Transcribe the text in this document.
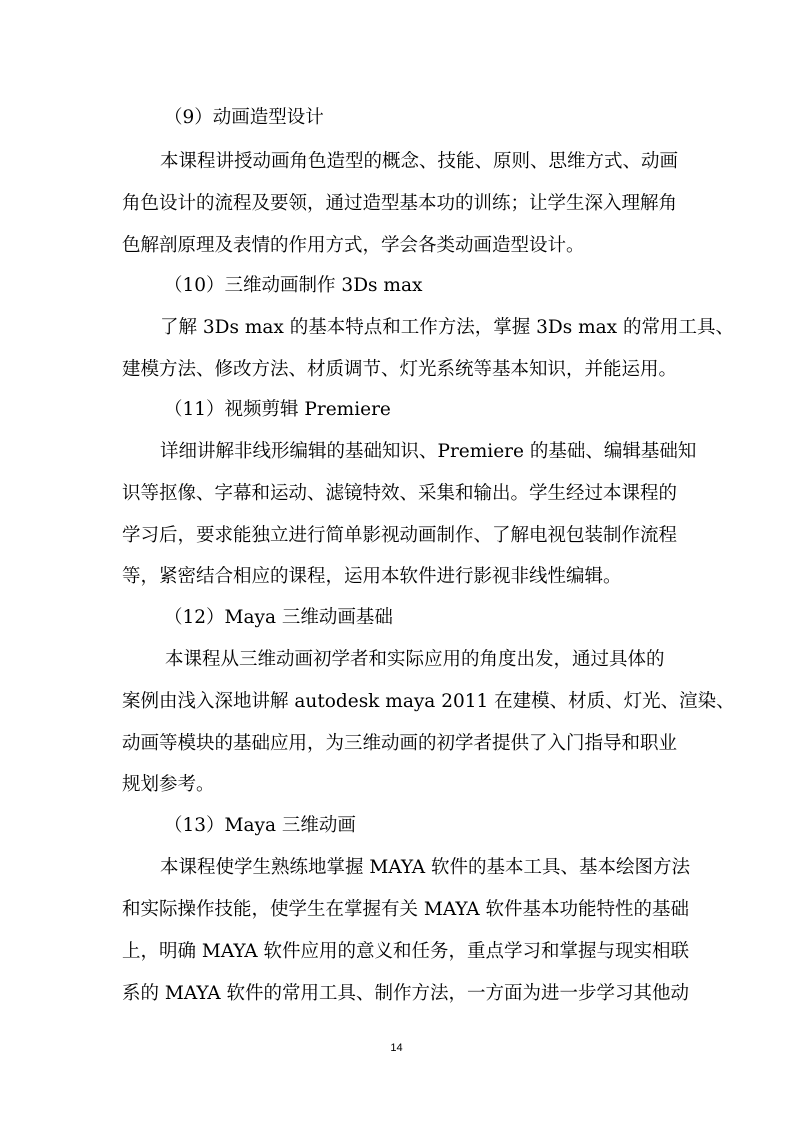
（9）动画造型设计
本课程讲授动画角色造型的概念、技能、原则、思维方式、动画
角色设计的流程及要领，通过造型基本功的训练；让学生深入理解角
色解剖原理及表情的作用方式，学会各类动画造型设计。
（10）三维动画制作 3Ds max
了解 3Ds max 的基本特点和工作方法，掌握 3Ds max 的常用工具、
建模方法、修改方法、材质调节、灯光系统等基本知识，并能运用。
（11）视频剪辑 Premiere
详细讲解非线形编辑的基础知识、Premiere 的基础、编辑基础知
识等抠像、字幕和运动、滤镜特效、采集和输出。学生经过本课程的
学习后，要求能独立进行简单影视动画制作、了解电视包装制作流程
等，紧密结合相应的课程，运用本软件进行影视非线性编辑。
（12）Maya 三维动画基础
本课程从三维动画初学者和实际应用的角度出发，通过具体的
案例由浅入深地讲解 autodesk maya 2011 在建模、材质、灯光、渲染、
动画等模块的基础应用，为三维动画的初学者提供了入门指导和职业
规划参考。
（13）Maya 三维动画
本课程使学生熟练地掌握 MAYA 软件的基本工具、基本绘图方法
和实际操作技能，使学生在掌握有关 MAYA 软件基本功能特性的基础
上，明确 MAYA 软件应用的意义和任务，重点学习和掌握与现实相联
系的 MAYA 软件的常用工具、制作方法，一方面为进一步学习其他动
14
